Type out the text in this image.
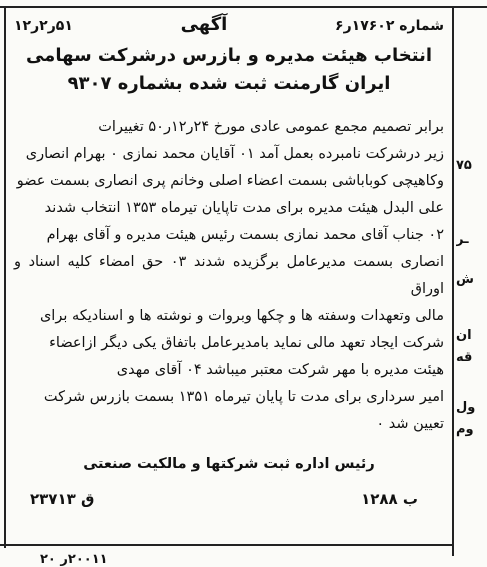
شماره ۱۷۶۰۲ر۶
آگهی
۵۱ر۲ر۱۲
انتخاب هیئت مدیره و بازرس درشرکت سهامی
ایران گارمنت ثبت شده بشماره ۹۳۰۷

برابر تصمیم مجمع عمومی عادی مورخ ۲۴ر۱۲ر۵۰ تغییرات

زیر درشرکت نامبرده بعمل آمد ۰۱ آقایان محمد نمازی ۰ بهرام انصاری

وکاهیچی کوباباشی بسمت اعضاء اصلی وخانم پری انصاری بسمت عضو

علی البدل هیئت مدیره برای مدت تاپایان تیرماه ۱۳۵۳ انتخاب شدند

۰۲ جناب آقای محمد نمازی بسمت رئیس هیئت مدیره و آقای بهرام

انصاری بسمت مدیرعامل برگزیده شدند ۰۳ حق امضاء کلیه اسناد و اوراق

مالی وتعهدات وسفته ها و چکها وبروات و نوشته ها و اسنادیکه برای

شرکت ایجاد تعهد مالی نماید بامدیرعامل باتفاق یکی دیگر ازاعضاء

هیئت مدیره با مهر شرکت معتبر میباشد ۰۴ آقای مهدی

امیر سرداری برای مدت تا پایان تیرماه ۱۳۵۱ بسمت بازرس شرکت

تعیین شد ۰

رئیس اداره ثبت شرکتها و مالکیت صنعتی
ب ۱۲۸۸
ق ۲۳۷۱۳
۷۵
ـر
ش
ان
قه
ول
وم
۲۰۰۱۱ر ۲۰
